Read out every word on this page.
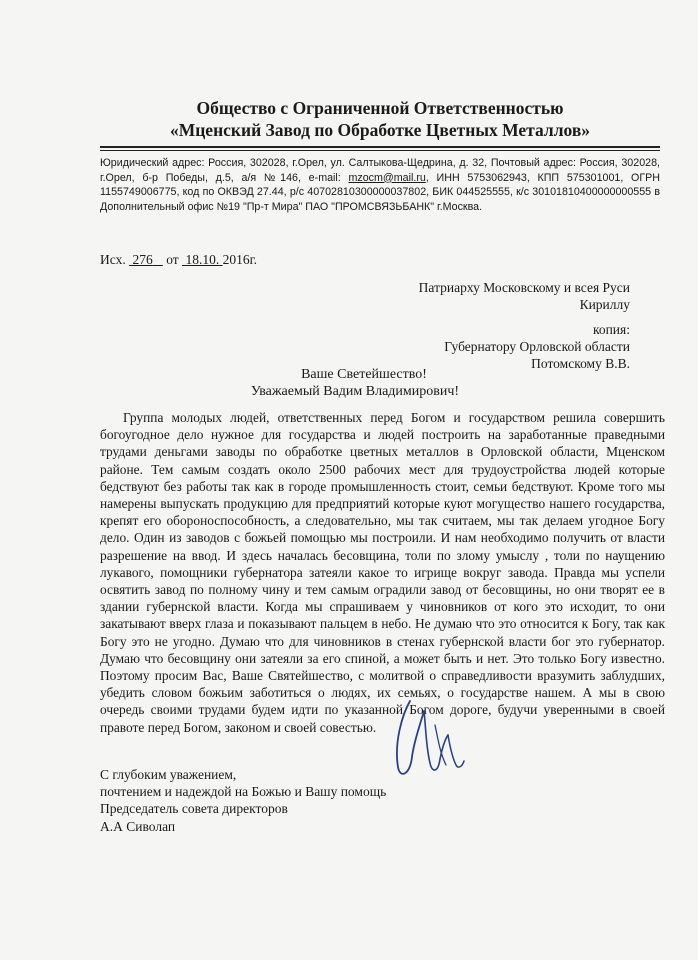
Общество с Ограниченной Ответственностью
«Мценский Завод по Обработке Цветных Металлов»
Юридический адрес: Россия, 302028, г.Орел, ул. Салтыкова-Щедрина, д. 32, Почтовый адрес: Россия, 302028, г.Орел, б-р Победы, д.5, а/я №146, e-mail: mzocm@mail.ru, ИНН 5753062943, КПП 575301001, ОГРН 1155749006775, код по ОКВЭД 27.44, р/с 40702810300000037802, БИК 044525555, к/с 30101810400000000555 в Дополнительный офис №19 "Пр-т Мира" ПАО "ПРОМСВЯЗЬБАНК" г.Москва.
Исх. 276 от 18.10. 2016г.
Патриарху Московскому и всея Руси
Кириллу
копия:
Губернатору Орловской области
Потомскому В.В.
Ваше Светейшество!
Уважаемый Вадим Владимирович!
Группа молодых людей, ответственных перед Богом и государством решила совершить богоугодное дело нужное для государства и людей построить на заработанные праведными трудами деньгами заводы по обработке цветных металлов в Орловской области, Мценском районе. Тем самым создать около 2500 рабочих мест для трудоустройства людей которые бедствуют без работы так как в городе промышленность стоит, семьи бедствуют. Кроме того мы намерены выпускать продукцию для предприятий которые куют могущество нашего государства, крепят его обороноспособность, а следовательно, мы так считаем, мы так делаем угодное Богу дело. Один из заводов с божьей помощью мы построили. И нам необходимо получить от власти разрешение на ввод. И здесь началась бесовщина, толи по злому умыслу , толи по наущению лукавого, помощники губернатора затеяли какое то игрище вокруг завода. Правда мы успели освятить завод по полному чину и тем самым оградили завод от бесовщины, но они творят ее в здании губернской власти. Когда мы спрашиваем у чиновников от кого это исходит, то они закатывают вверх глаза и показывают пальцем в небо. Не думаю что это относится к Богу, так как Богу это не угодно. Думаю что для чиновников в стенах губернской власти бог это губернатор. Думаю что бесовщину они затеяли за его спиной, а может быть и нет. Это только Богу известно. Поэтому просим Вас, Ваше Святейшество, с молитвой о справедливости вразумить заблудших, убедить словом божьим заботиться о людях, их семьях, о государстве нашем. А мы в свою очередь своими трудами будем идти по указанной Богом дороге, будучи уверенными в своей правоте перед Богом, законом и своей совестью.
С глубоким уважением,
почтением и надеждой на Божью и Вашу помощь
Председатель совета директоров
А.А Сиволап
